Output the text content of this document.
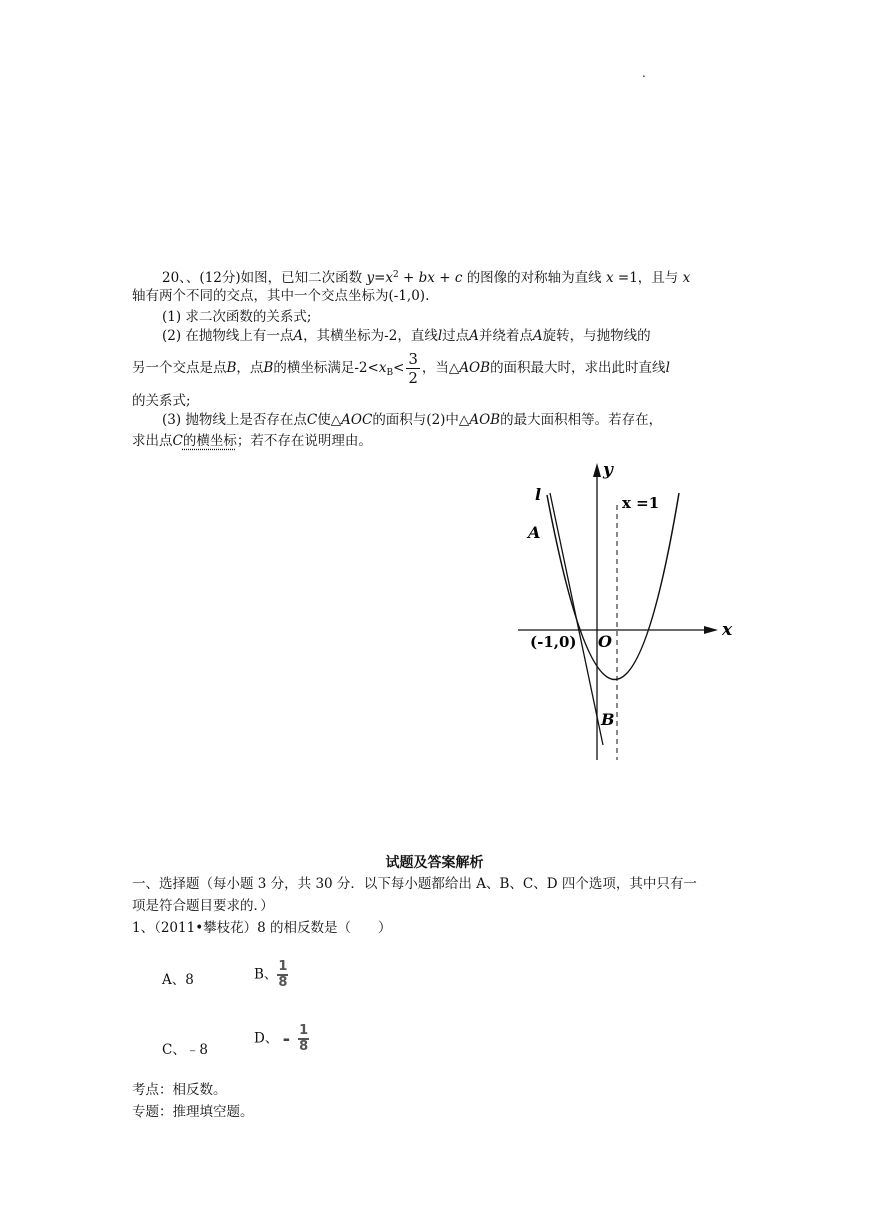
.
20、、(12分)如图，已知二次函数 $y=x^2$ + bx + c 的图像的对称轴为直线 x =1，且与 x
轴有两个不同的交点，其中一个交点坐标为(-1,0).
(1) 求二次函数的关系式;
(2) 在抛物线上有一点A，其横坐标为-2，直线l过点A并绕着点A旋转，与抛物线的
另一个交点是点B，点B的横坐标满足$-2<x_B< \frac{3}{2}$ ，当△AOB的面积最大时，求出此时直线l
的关系式;
(3) 抛物线上是否存在点C使△AOC的面积与(2)中△AOB的最大面积相等。若存在，
求出点C的横坐标；若不存在说明理由。
y
x
l	x =1
A
(-1,0) O
B
试题及答案解析
一、选择题（每小题 3 分，共 30 分．以下每小题都给出 A、B、C、D 四个选项，其中只有一
项是符合题目要求的．）
1、（2011•攀枝花）8 的相反数是（　　）
A、8	B、 $\frac{1}{8}$
C、﹣8
D、 - $\frac{1}{8}$
考点：相反数。
专题：推理填空题。
